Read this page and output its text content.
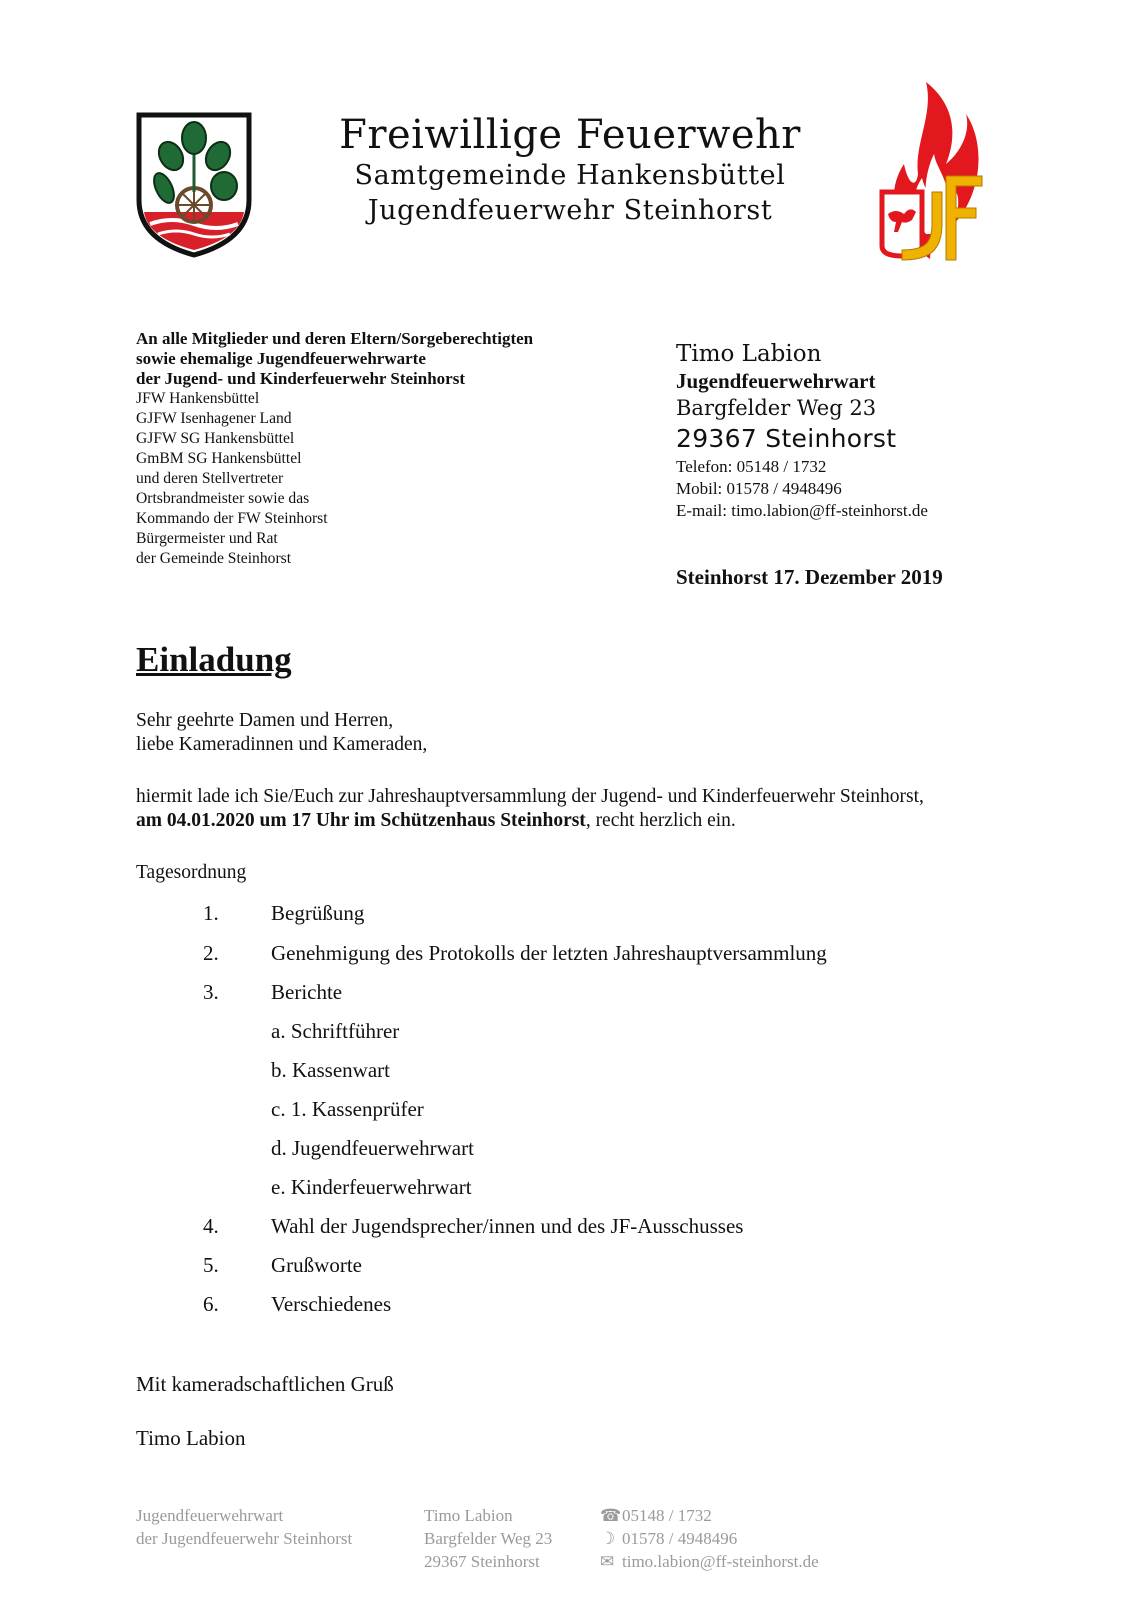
Freiwillige Feuerwehr
Samtgemeinde Hankensbüttel
Jugendfeuerwehr Steinhorst
An alle Mitglieder und deren Eltern/Sorgeberechtigten
sowie ehemalige Jugendfeuerwehrwarte
der Jugend- und Kinderfeuerwehr Steinhorst
JFW Hankensbüttel
GJFW Isenhagener Land
GJFW SG Hankensbüttel
GmBM SG Hankensbüttel
und deren Stellvertreter
Ortsbrandmeister sowie das
Kommando der FW Steinhorst
Bürgermeister und Rat
der Gemeinde Steinhorst
Timo Labion
Jugendfeuerwehrwart
Bargfelder Weg 23
29367 Steinhorst
Telefon: 05148 / 1732
Mobil: 01578 / 4948496
E-mail: timo.labion@ff-steinhorst.de
Steinhorst 17. Dezember 2019
Einladung
Sehr geehrte Damen und Herren,
liebe Kameradinnen und Kameraden,
hiermit lade ich Sie/Euch zur Jahreshauptversammlung der Jugend- und Kinderfeuerwehr Steinhorst,
am 04.01.2020 um 17 Uhr im Schützenhaus Steinhorst, recht herzlich ein.
Tagesordnung
1. Begrüßung
2. Genehmigung des Protokolls der letzten Jahreshauptversammlung
3. Berichte
a. Schriftführer
b. Kassenwart
c. 1. Kassenprüfer
d. Jugendfeuerwehrwart
e. Kinderfeuerwehrwart
4. Wahl der Jugendsprecher/innen und des JF-Ausschusses
5. Grußworte
6. Verschiedenes
Mit kameradschaftlichen Gruß
Timo Labion
Jugendfeuerwehrwart
der Jugendfeuerwehr Steinhorst
Timo Labion
Bargfelder Weg 23
29367 Steinhorst
☎05148 / 1732
☽ 01578 / 4948496
✉ timo.labion@ff-steinhorst.de
